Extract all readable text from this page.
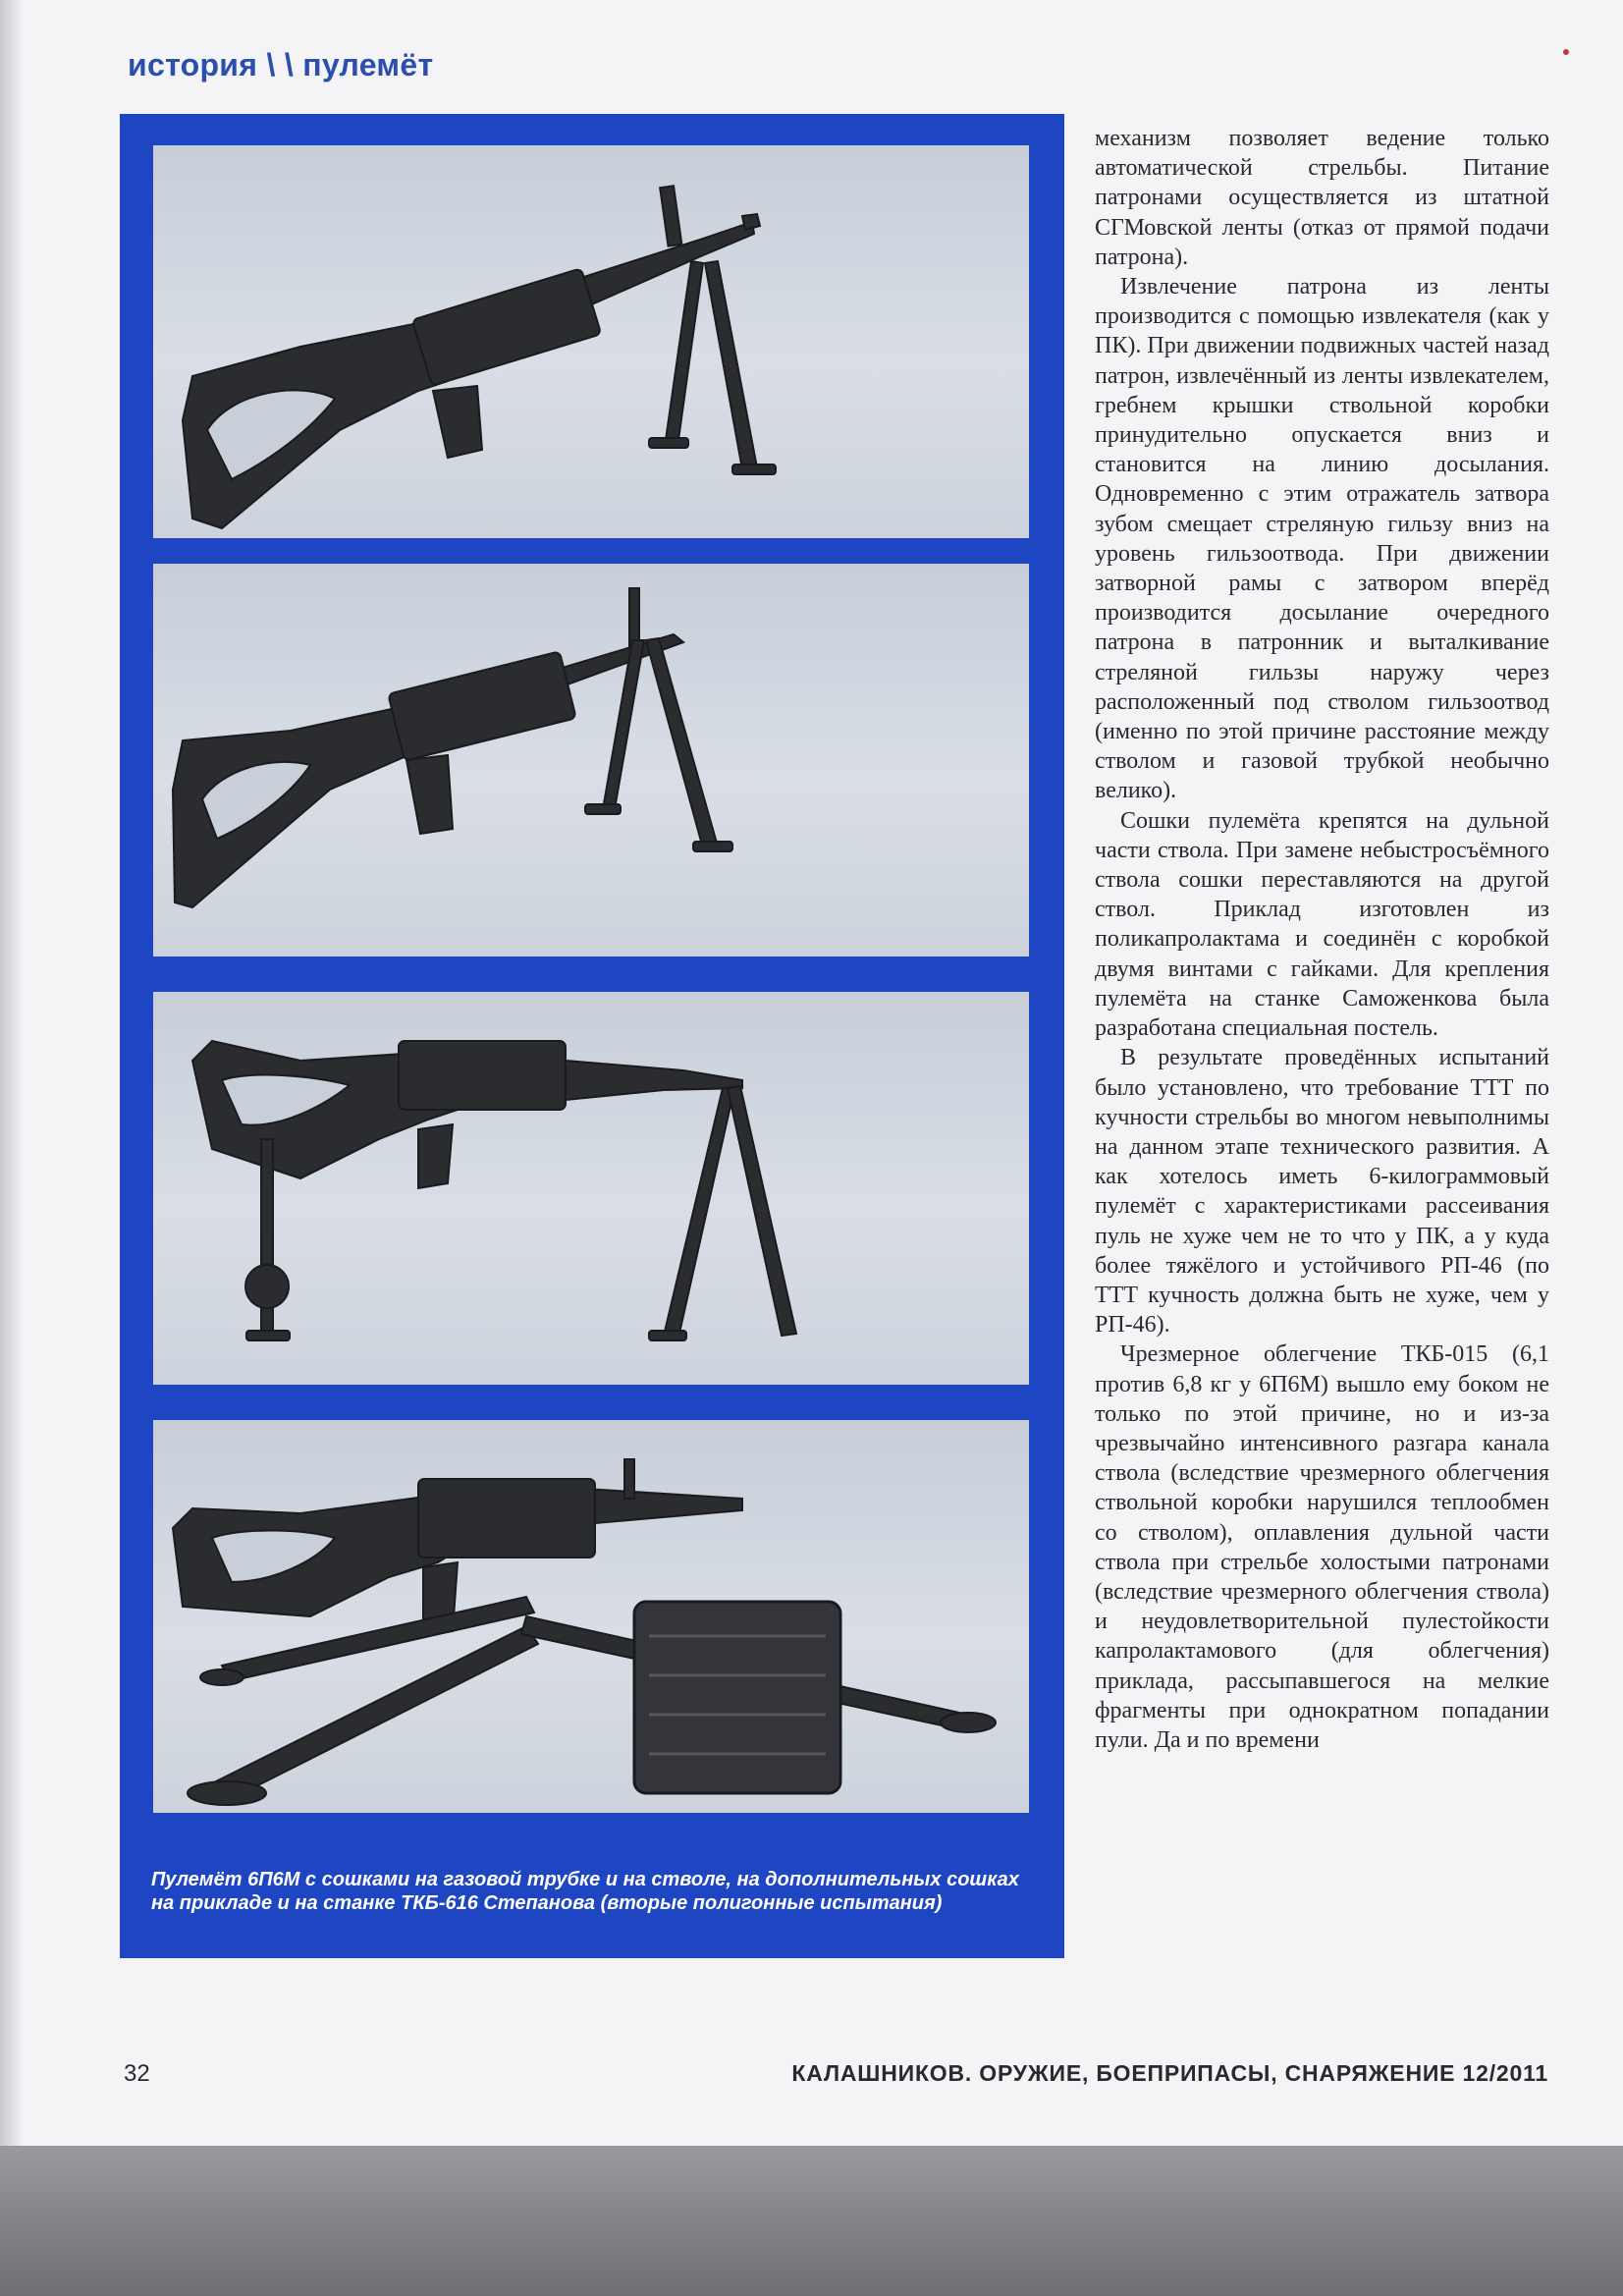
история \ \ пулемёт
Пулемёт 6П6М с сошками на газовой трубке и на стволе, на дополнительных сошках на прикладе и на станке ТКБ-616 Степанова (вторые полигонные испытания)

механизм позволяет ведение только автоматической стрельбы. Питание патронами осуществляется из штатной СГМовской ленты (отказ от прямой подачи патрона).

Извлечение патрона из ленты производится с помощью извлекателя (как у ПК). При движении подвижных частей назад патрон, извлечённый из ленты извлекателем, гребнем крышки ствольной коробки принудительно опускается вниз и становится на линию досылания. Одновременно с этим отражатель затвора зубом смещает стреляную гильзу вниз на уровень гильзоотвода. При движении затворной рамы с затвором вперёд производится досылание очередного патрона в патронник и выталкивание стреляной гильзы наружу через расположенный под стволом гильзоотвод (именно по этой причине расстояние между стволом и газовой трубкой необычно велико).

Сошки пулемёта крепятся на дульной части ствола. При замене небыстросъёмного ствола сошки переставляются на другой ствол. Приклад изготовлен из поликапролактама и соединён с коробкой двумя винтами с гайками. Для крепления пулемёта на станке Саможенкова была разработана специальная постель.

В результате проведённых испытаний было установлено, что требование ТТТ по кучности стрельбы во многом невыполнимы на данном этапе технического развития. А как хотелось иметь 6-килограммовый пулемёт с характеристиками рассеивания пуль не хуже чем не то что у ПК, а у куда более тяжёлого и устойчивого РП-46 (по ТТТ кучность должна быть не хуже, чем у РП-46).

Чрезмерное облегчение ТКБ-015 (6,1 против 6,8 кг у 6П6М) вышло ему боком не только по этой причине, но и из-за чрезвычайно интенсивного разгара канала ствола (вследствие чрезмерного облегчения ствольной коробки нарушился теплообмен со стволом), оплавления дульной части ствола при стрельбе холостыми патронами (вследствие чрезмерного облегчения ствола) и неудовлетворительной пулестойкости капролактамового (для облегчения) приклада, рассыпавшегося на мелкие фрагменты при однократном попадании пули. Да и по времени

32	КАЛАШНИКОВ. ОРУЖИЕ, БОЕПРИПАСЫ, СНАРЯЖЕНИЕ 12/2011
